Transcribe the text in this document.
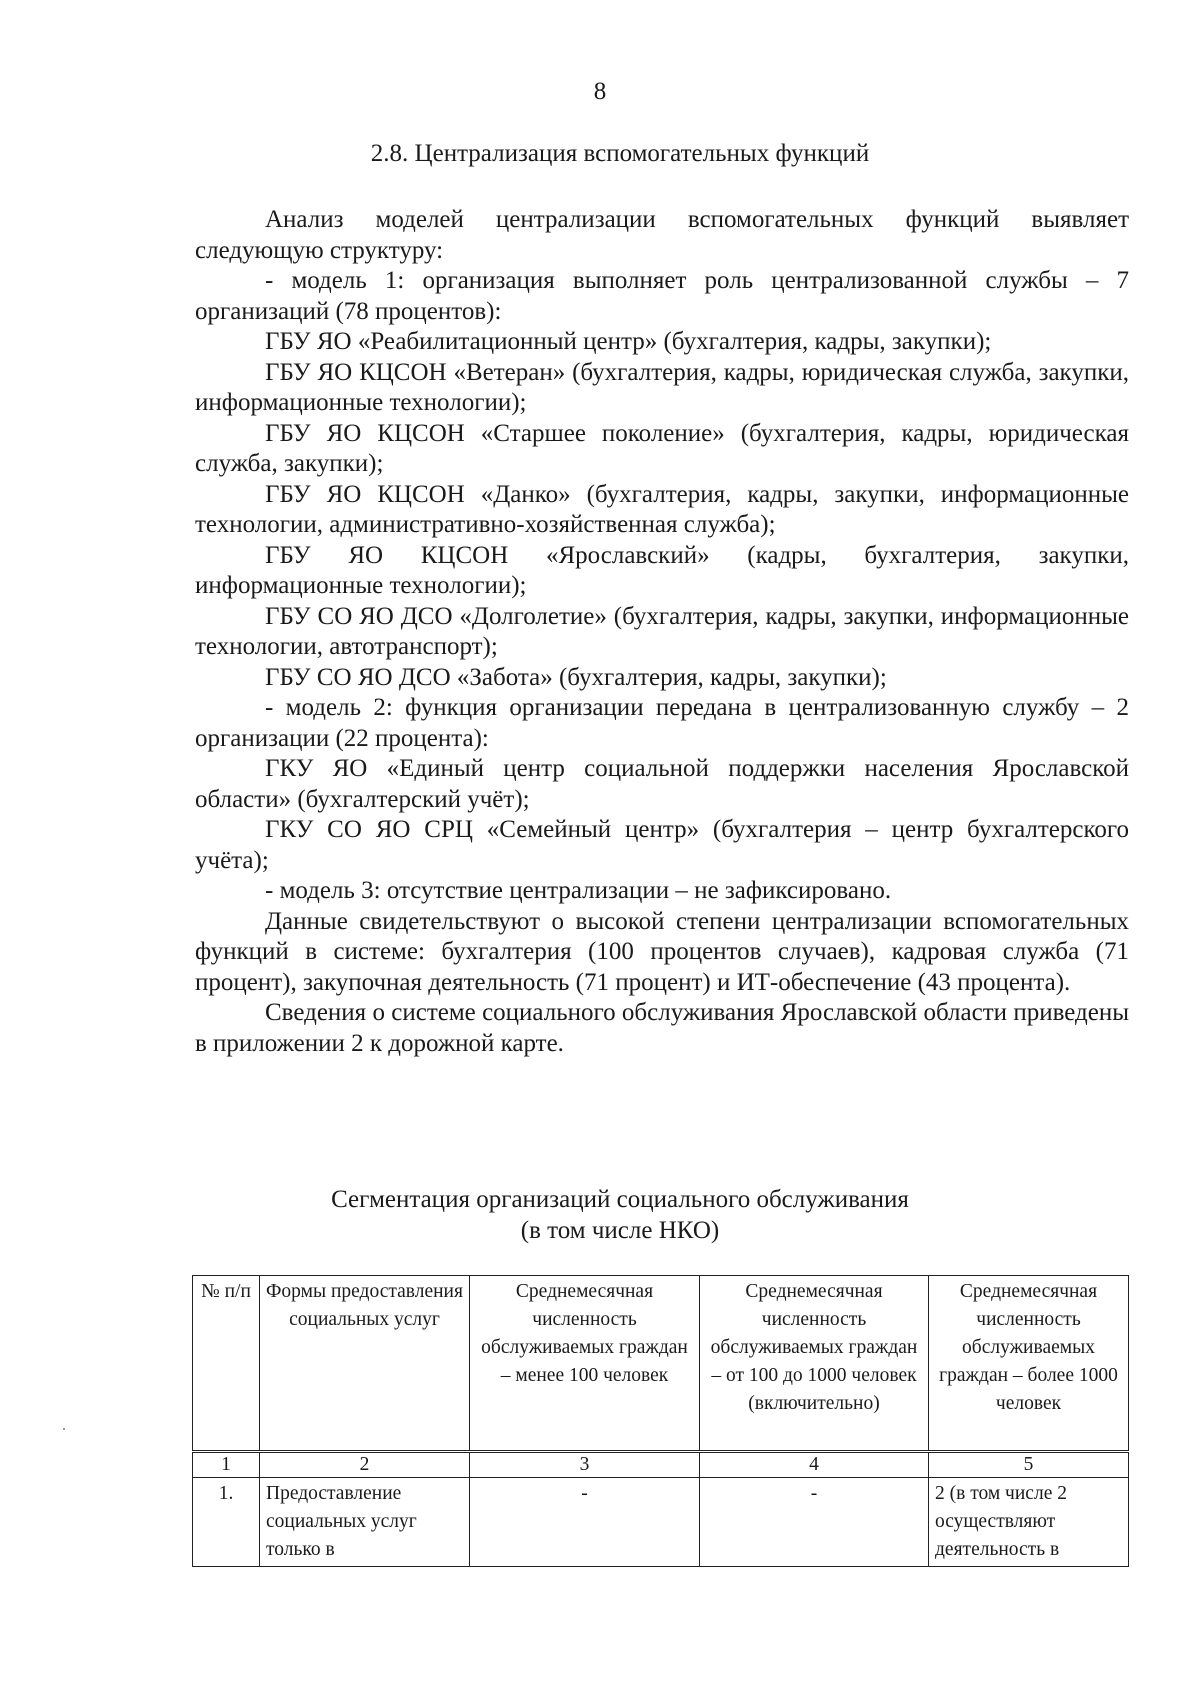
8
2.8. Централизация вспомогательных функций

Анализ моделей централизации вспомогательных функций выявляет следующую структуру:

- модель 1: организация выполняет роль централизованной службы – 7 организаций (78 процентов):

ГБУ ЯО «Реабилитационный центр» (бухгалтерия, кадры, закупки);

ГБУ ЯО КЦСОН «Ветеран» (бухгалтерия, кадры, юридическая служба, закупки, информационные технологии);

ГБУ ЯО КЦСОН «Старшее поколение» (бухгалтерия, кадры, юридическая служба, закупки);

ГБУ ЯО КЦСОН «Данко» (бухгалтерия, кадры, закупки, информационные технологии, административно-хозяйственная служба);

ГБУ ЯО КЦСОН «Ярославский» (кадры, бухгалтерия, закупки, информационные технологии);

ГБУ СО ЯО ДСО «Долголетие» (бухгалтерия, кадры, закупки, информационные технологии, автотранспорт);

ГБУ СО ЯО ДСО «Забота» (бухгалтерия, кадры, закупки);

- модель 2: функция организации передана в централизованную службу – 2 организации (22 процента):

ГКУ ЯО «Единый центр социальной поддержки населения Ярославской области» (бухгалтерский учёт);

ГКУ СО ЯО СРЦ «Семейный центр» (бухгалтерия – центр бухгалтерского учёта);

- модель 3: отсутствие централизации – не зафиксировано.

Данные свидетельствуют о высокой степени централизации вспомогательных функций в системе: бухгалтерия (100 процентов случаев), кадровая служба (71 процент), закупочная деятельность (71 процент) и ИТ-обеспечение (43 процента).

Сведения о системе социального обслуживания Ярославской области приведены в приложении 2 к дорожной карте.

Сегментация организаций социального обслуживания
(в том числе НКО)
№ п/п	Формы предоставления социальных услуг	Среднемесячная численность обслуживаемых граждан – менее 100 человек	Среднемесячная численность обслуживаемых граждан – от 100 до 1000 человек (включительно)	Среднемесячная численность обслуживаемых граждан – более 1000 человек
1	2	3	4	5
1.	Предоставление социальных услуг только в	-	-	2 (в том числе 2 осуществляют деятельность в
